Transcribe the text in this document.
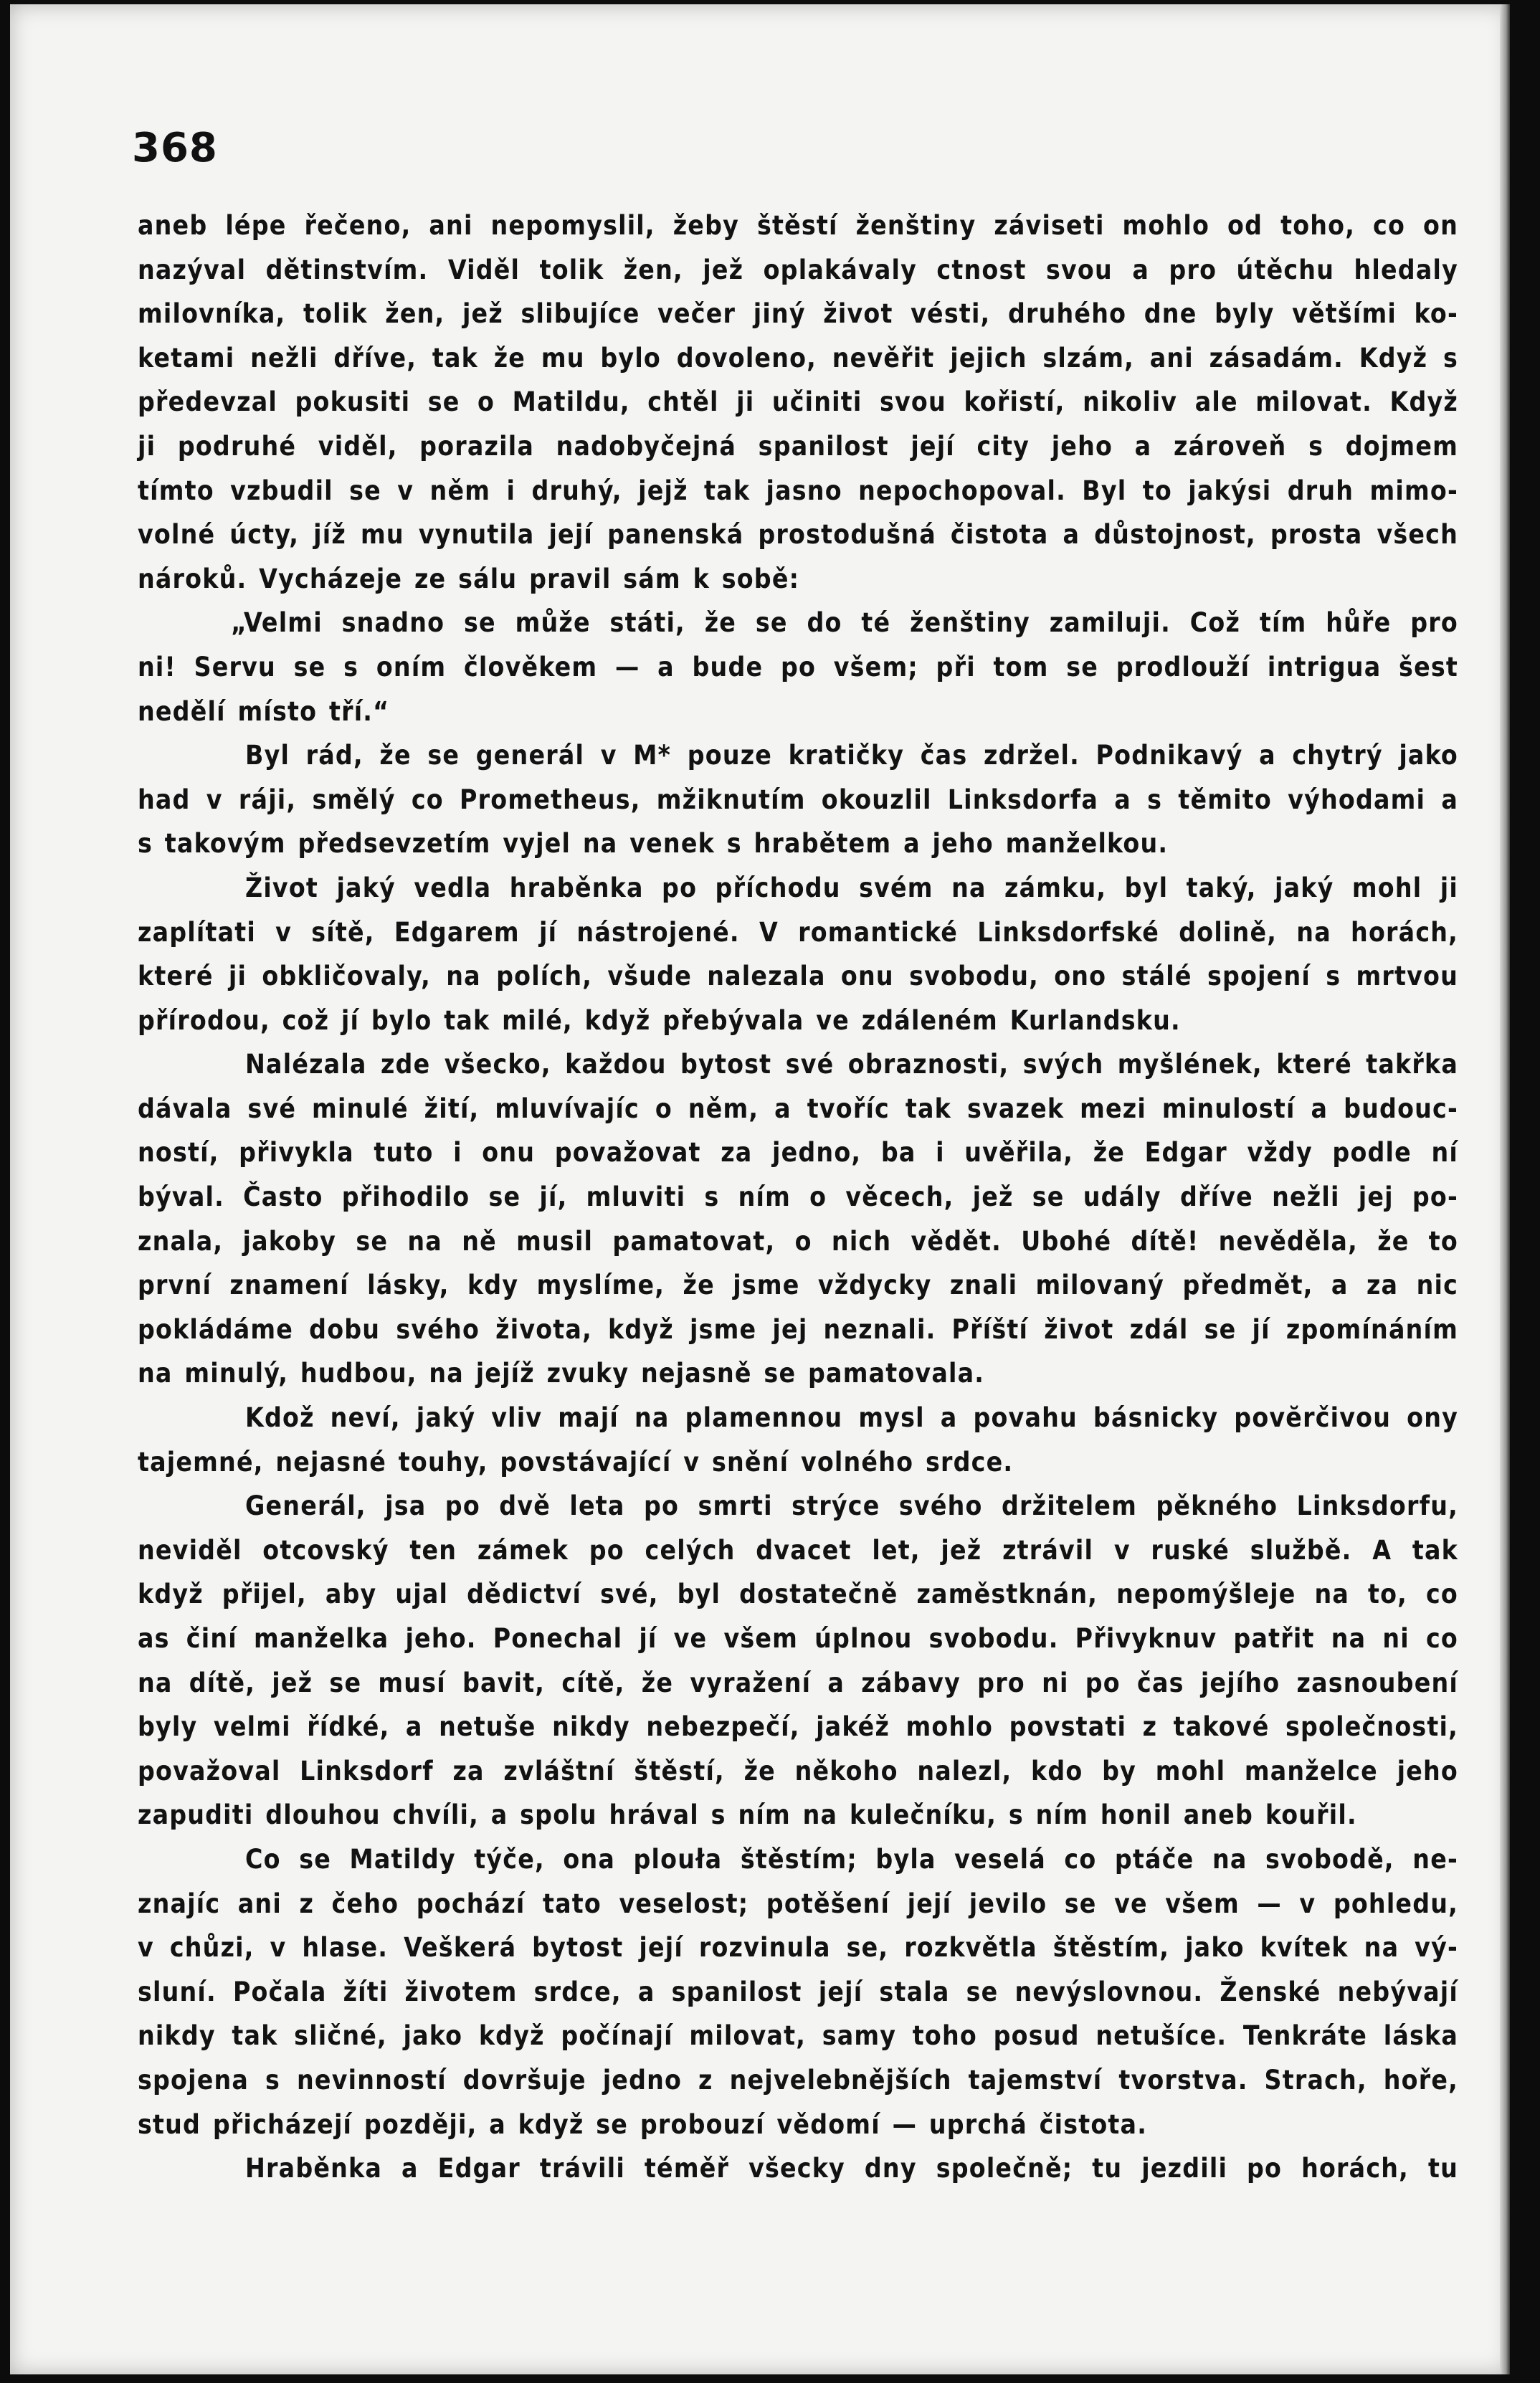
368
aneb lépe řečeno, ani nepomyslil, žeby štěstí ženštiny záviseti mohlo od toho, co on
nazýval dětinstvím. Viděl tolik žen, jež oplakávaly ctnost svou a pro útěchu hledaly
milovníka, tolik žen, jež slibujíce večer jiný život vésti, druhého dne byly většími ko-
ketami nežli dříve, tak že mu bylo dovoleno, nevěřit jejich slzám, ani zásadám. Když s
předevzal pokusiti se o Matildu, chtěl ji učiniti svou kořistí, nikoliv ale milovat. Když
ji podruhé viděl, porazila nadobyčejná spanilost její city jeho a zároveň s dojmem
tímto vzbudil se v něm i druhý, jejž tak jasno nepochopoval. Byl to jakýsi druh mimo-
volné úcty, jíž mu vynutila její panenská prostodušná čistota a důstojnost, prosta všech
nároků. Vycházeje ze sálu pravil sám k sobě:
„Velmi snadno se může státi, že se do té ženštiny zamiluji. Což tím hůře pro
ni! Servu se s oním člověkem — a bude po všem; při tom se prodlouží intrigua šest
nedělí místo tří.“
Byl rád, že se generál v M* pouze kratičky čas zdržel. Podnikavý a chytrý jako
had v ráji, smělý co Prometheus, mžiknutím okouzlil Linksdorfa a s těmito výhodami a
s takovým předsevzetím vyjel na venek s hrabětem a jeho manželkou.
Život jaký vedla hraběnka po příchodu svém na zámku, byl taký, jaký mohl ji
zaplítati v sítě, Edgarem jí nástrojené. V romantické Linksdorfské dolině, na horách,
které ji obkličovaly, na polích, všude nalezala onu svobodu, ono stálé spojení s mrtvou
přírodou, což jí bylo tak milé, když přebývala ve zdáleném Kurlandsku.
Nalézala zde všecko, každou bytost své obraznosti, svých myšlének, které takřka
dávala své minulé žití, mluvívajíc o něm, a tvoříc tak svazek mezi minulostí a budouc-
ností, přivykla tuto i onu považovat za jedno, ba i uvěřila, že Edgar vždy podle ní
býval. Často přihodilo se jí, mluviti s ním o věcech, jež se udály dříve nežli jej po-
znala, jakoby se na ně musil pamatovat, o nich vědět. Ubohé dítě! nevěděla, že to
první znamení lásky, kdy myslíme, že jsme vždycky znali milovaný předmět, a za nic
pokládáme dobu svého života, když jsme jej neznali. Příští život zdál se jí zpomínáním
na minulý, hudbou, na jejíž zvuky nejasně se pamatovala.
Kdož neví, jaký vliv mají na plamennou mysl a povahu básnicky povĕrčivou ony
tajemné, nejasné touhy, povstávající v snění volného srdce.
Generál, jsa po dvě leta po smrti strýce svého držitelem pěkného Linksdorfu,
neviděl otcovský ten zámek po celých dvacet let, jež ztrávil v ruské službě. A tak
když přijel, aby ujal dědictví své, byl dostatečně zaměstknán, nepomýšleje na to, co
as činí manželka jeho. Ponechal jí ve všem úplnou svobodu. Přivyknuv patřit na ni co
na dítě, jež se musí bavit, cítě, že vyražení a zábavy pro ni po čas jejího zasnoubení
byly velmi řídké, a netuše nikdy nebezpečí, jakéž mohlo povstati z takové společnosti,
považoval Linksdorf za zvláštní štěstí, že někoho nalezl, kdo by mohl manželce jeho
zapuditi dlouhou chvíli, a spolu hrával s ním na kulečníku, s ním honil aneb kouřil.
Co se Matildy týče, ona plouła štěstím; byla veselá co ptáče na svobodě, ne-
znajíc ani z čeho pochází tato veselost; potěšení její jevilo se ve všem — v pohledu,
v chůzi, v hlase. Veškerá bytost její rozvinula se, rozkvětla štěstím, jako kvítek na vý-
sluní. Počala žíti životem srdce, a spanilost její stala se nevýslovnou. Ženské nebývají
nikdy tak sličné, jako když počínají milovat, samy toho posud netušíce. Tenkráte láska
spojena s nevinností dovršuje jedno z nejvelebnějších tajemství tvorstva. Strach, hoře,
stud přicházejí později, a když se probouzí vědomí — uprchá čistota.
Hraběnka a Edgar trávili téměř všecky dny společně; tu jezdili po horách, tu
